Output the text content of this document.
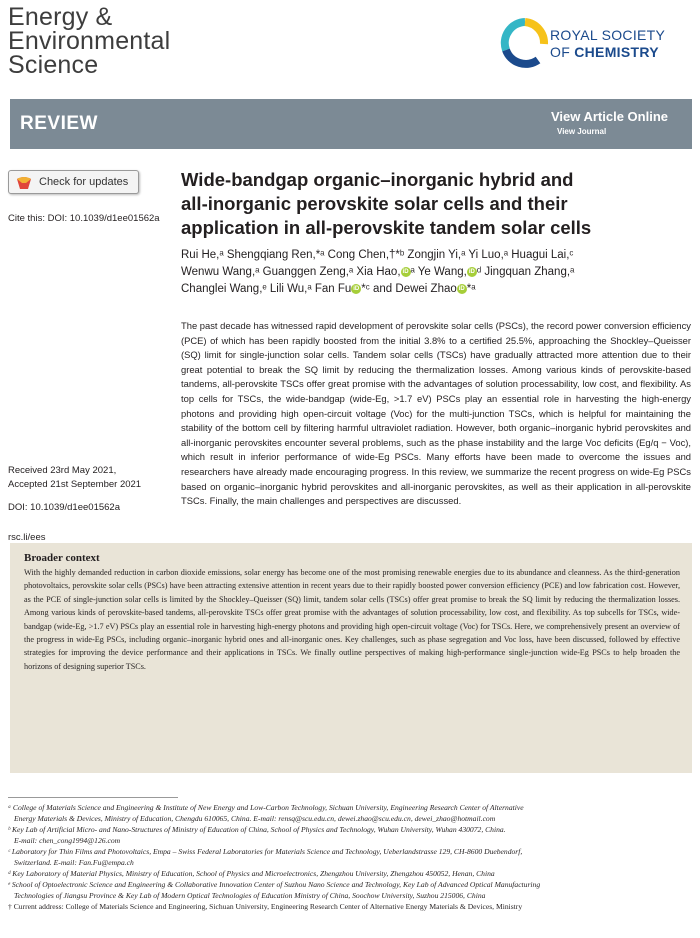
Energy &
Environmental
Science
ROYAL SOCIETY
OF CHEMISTRY
REVIEW	View Article Online
View Journal
Check for updates
Cite this: DOI: 10.1039/d1ee01562a
Received 23rd May 2021,
Accepted 21st September 2021
DOI: 10.1039/d1ee01562a
rsc.li/ees
Wide-bandgap organic–inorganic hybrid and
all-inorganic perovskite solar cells and their
application in all-perovskite tandem solar cells
Rui He,ᵃ Shengqiang Ren,*ᵃ Cong Chen,†*ᵇ Zongjin Yi,ᵃ Yi Luo,ᵃ Huagui Lai,ᶜ
Wenwu Wang,ᵃ Guanggen Zeng,ᵃ Xia Hao, iD ᵃ Ye Wang, iD ᵈ Jingquan Zhang,ᵃ
Changlei Wang,ᵉ Lili Wu,ᵃ Fan Fu iD *ᶜ and Dewei Zhao iD *ᵃ
The past decade has witnessed rapid development of perovskite solar cells (PSCs), the record power conversion efficiency (PCE) of which has been rapidly boosted from the initial 3.8% to a certified 25.5%, approaching the Shockley–Queisser (SQ) limit for single-junction solar cells. Tandem solar cells (TSCs) have gradually attracted more attention due to their great potential to break the SQ limit by reducing the thermalization losses. Among various kinds of perovskite-based tandems, all-perovskite TSCs offer great promise with the advantages of solution processability, low cost, and flexibility. As top cells for TSCs, the wide-bandgap (wide-Eg, >1.7 eV) PSCs play an essential role in harvesting the high-energy photons and providing high open-circuit voltage (Voc) for the multi-junction TSCs, which is helpful for maintaining the stability of the bottom cell by filtering harmful ultraviolet radiation. However, both organic–inorganic hybrid perovskites and all-inorganic perovskites encounter several problems, such as the phase instability and the large Voc deficits (Eg/q − Voc), which result in inferior performance of wide-Eg PSCs. Many efforts have been made to overcome the issues and researchers have already made encouraging progress. In this review, we summarize the recent progress on wide-Eg PSCs based on organic–inorganic hybrid perovskites and all-inorganic perovskites, as well as their application in all-perovskite TSCs. Finally, the main challenges and perspectives are discussed.
Broader context
With the highly demanded reduction in carbon dioxide emissions, solar energy has become one of the most promising renewable energies due to its abundance and cleanness. As the third-generation photovoltaics, perovskite solar cells (PSCs) have been attracting extensive attention in recent years due to their rapidly boosted power conversion efficiency (PCE) and low fabrication cost. However, as the PCE of single-junction solar cells is limited by the Shockley–Queisser (SQ) limit, tandem solar cells (TSCs) offer great promise to break the SQ limit by reducing the thermalization losses. Among various kinds of perovskite-based tandems, all-perovskite TSCs offer great promise with the advantages of solution processability, low cost, and flexibility. As top subcells for TSCs, wide-bandgap (wide-Eg, >1.7 eV) PSCs play an essential role in harvesting high-energy photons and providing high open-circuit voltage (Voc) for TSCs. Here, we comprehensively present an overview of the progress in wide-Eg PSCs, including organic–inorganic hybrid ones and all-inorganic ones. Key challenges, such as phase segregation and Voc loss, have been discussed, followed by effective strategies for improving the device performance and their applications in TSCs. We finally outline perspectives of making high-performance single-junction wide-Eg PSCs to help broaden the horizons of designing superior TSCs.
ᵃ College of Materials Science and Engineering & Institute of New Energy and Low-Carbon Technology, Sichuan University, Engineering Research Center of Alternative
Energy Materials & Devices, Ministry of Education, Chengdu 610065, China. E-mail: rensq@scu.edu.cn, dewei.zhao@scu.edu.cn, dewei_zhao@hotmail.com
ᵇ Key Lab of Artificial Micro- and Nano-Structures of Ministry of Education of China, School of Physics and Technology, Wuhan University, Wuhan 430072, China.
E-mail: chen_cong1994@126.com
ᶜ Laboratory for Thin Films and Photovoltaics, Empa – Swiss Federal Laboratories for Materials Science and Technology, Ueberlandstrasse 129, CH-8600 Duebendorf,
Switzerland. E-mail: Fan.Fu@empa.ch
ᵈ Key Laboratory of Material Physics, Ministry of Education, School of Physics and Microelectronics, Zhengzhou University, Zhengzhou 450052, Henan, China
ᵉ School of Optoelectronic Science and Engineering & Collaborative Innovation Center of Suzhou Nano Science and Technology, Key Lab of Advanced Optical Manufacturing
Technologies of Jiangsu Province & Key Lab of Modern Optical Technologies of Education Ministry of China, Soochow University, Suzhou 215006, China
† Current address: College of Materials Science and Engineering, Sichuan University, Engineering Research Center of Alternative Energy Materials & Devices, Ministry
